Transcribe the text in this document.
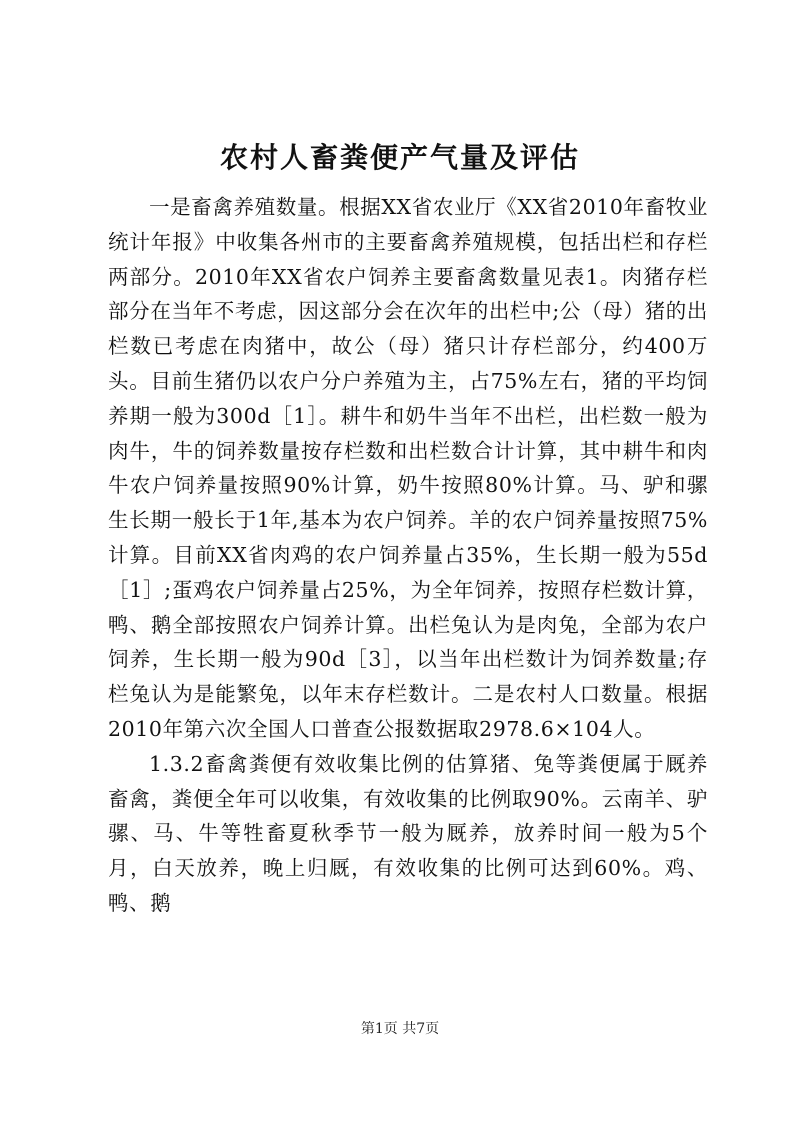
农村人畜粪便产气量及评估

一是畜禽养殖数量。根据XX省农业厅《XX省2010年畜牧业统计年报》中收集各州市的主要畜禽养殖规模，包括出栏和存栏两部分。2010年XX省农户饲养主要畜禽数量见表1。肉猪存栏部分在当年不考虑，因这部分会在次年的出栏中;公（母）猪的出栏数已考虑在肉猪中，故公（母）猪只计存栏部分，约400万头。目前生猪仍以农户分户养殖为主，占75%左右，猪的平均饲养期一般为300d［1］。耕牛和奶牛当年不出栏，出栏数一般为肉牛，牛的饲养数量按存栏数和出栏数合计计算，其中耕牛和肉牛农户饲养量按照90%计算，奶牛按照80%计算。马、驴和骡生长期一般长于1年,基本为农户饲养。羊的农户饲养量按照75%计算。目前XX省肉鸡的农户饲养量占35%，生长期一般为55d［1］;蛋鸡农户饲养量占25%，为全年饲养，按照存栏数计算，鸭、鹅全部按照农户饲养计算。出栏兔认为是肉兔，全部为农户饲养，生长期一般为90d［3］，以当年出栏数计为饲养数量;存栏兔认为是能繁兔，以年末存栏数计。二是农村人口数量。根据2010年第六次全国人口普查公报数据取2978.6×104人。

1.3.2畜禽粪便有效收集比例的估算猪、兔等粪便属于厩养畜禽，粪便全年可以收集，有效收集的比例取90%。云南羊、驴骡、马、牛等牲畜夏秋季节一般为厩养，放养时间一般为5个月，白天放养，晚上归厩，有效收集的比例可达到60%。鸡、鸭、鹅

第1页 共7页
